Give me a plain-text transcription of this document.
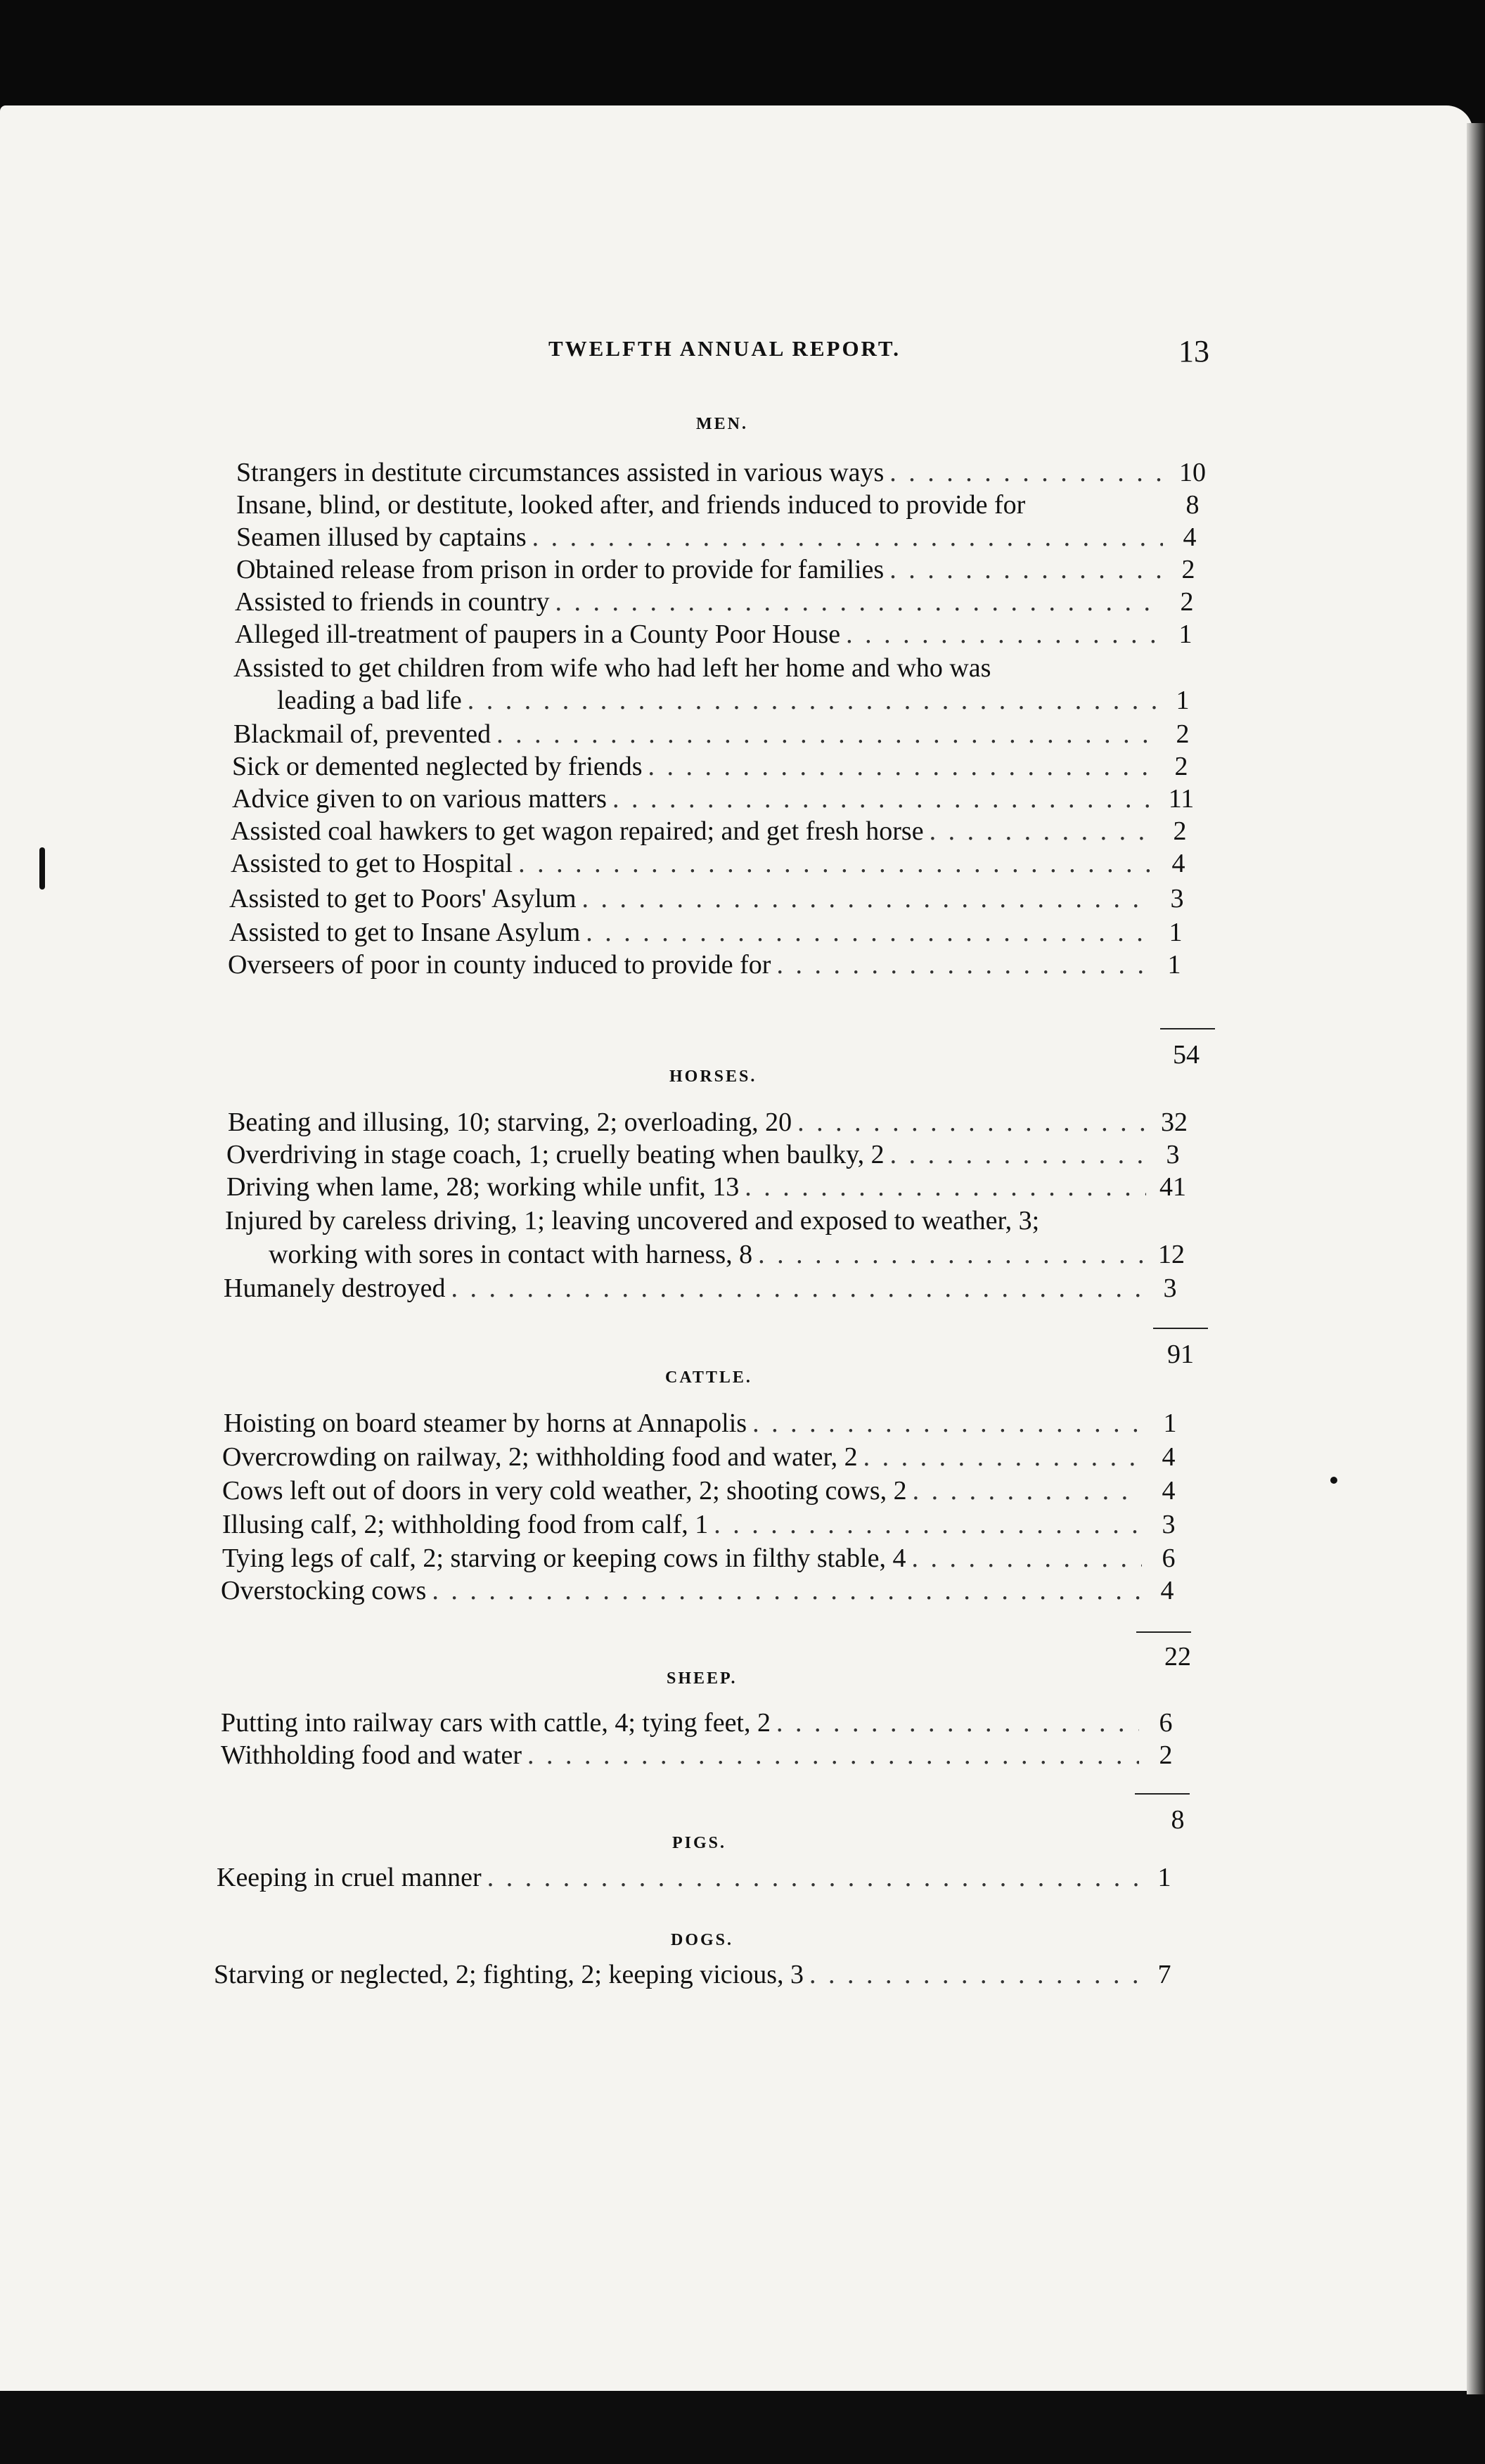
TWELFTH ANNUAL REPORT.	13
MEN.
Strangers in destitute circumstances assisted in various ways . . .	10
Insane, blind, or destitute, looked after, and friends induced to provide for	8
Seamen illused by captains . . .	4
Obtained release from prison in order to provide for families . . .	2
Assisted to friends in country . . .	2
Alleged ill-treatment of paupers in a County Poor House . . .	1
Assisted to get children from wife who had left her home and who was
leading a bad life . . .	1
Blackmail of, prevented . . .	2
Sick or demented neglected by friends . . .	2
Advice given to on various matters . . .	11
Assisted coal hawkers to get wagon repaired; and get fresh horse . . .	2
Assisted to get to Hospital . . .	4
Assisted to get to Poors' Asylum . . .	3
Assisted to get to Insane Asylum . . .	1
Overseers of poor in county induced to provide for . . .	1
54
HORSES.
Beating and illusing, 10; starving, 2; overloading, 20 . . .	32
Overdriving in stage coach, 1; cruelly beating when baulky, 2 . . .	3
Driving when lame, 28; working while unfit, 13 . . .	41
Injured by careless driving, 1; leaving uncovered and exposed to weather, 3;
working with sores in contact with harness, 8 . . .	12
Humanely destroyed . . .	3
91
CATTLE.
Hoisting on board steamer by horns at Annapolis . . .	1
Overcrowding on railway, 2; withholding food and water, 2 . . .	4
Cows left out of doors in very cold weather, 2; shooting cows, 2 . . .	4
Illusing calf, 2; withholding food from calf, 1 . . .	3
Tying legs of calf, 2; starving or keeping cows in filthy stable, 4 . . .	6
Overstocking cows . . .	4
22
SHEEP.
Putting into railway cars with cattle, 4; tying feet, 2 . . .	6
Withholding food and water . . .	2
8
PIGS.
Keeping in cruel manner . . .	1
DOGS.
Starving or neglected, 2; fighting, 2; keeping vicious, 3 . . .	7
